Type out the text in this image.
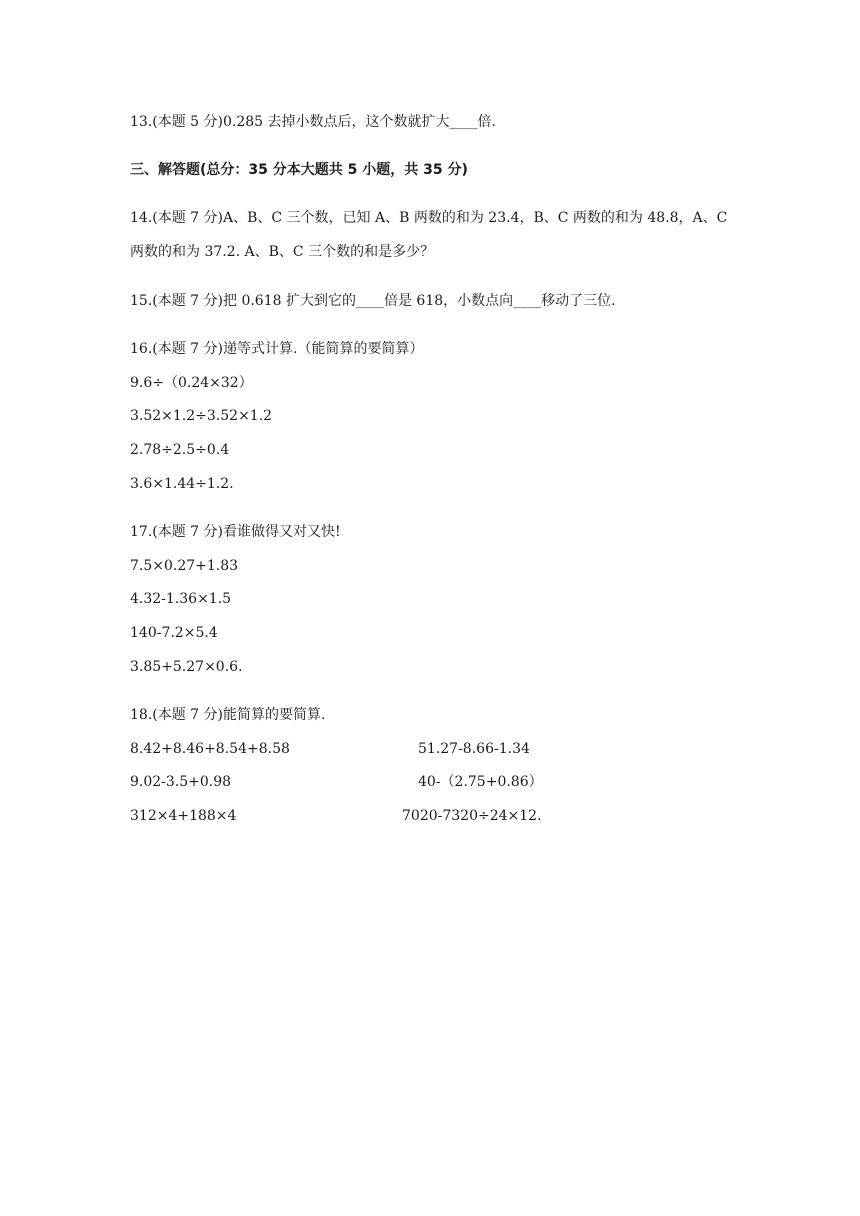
13.(本题 5 分)0.285 去掉小数点后，这个数就扩大____倍.
三、解答题(总分：35 分本大题共 5 小题，共 35 分)
14.(本题 7 分)A、B、C 三个数，已知 A、B 两数的和为 23.4，B、C 两数的和为 48.8，A、C
两数的和为 37.2. A、B、C 三个数的和是多少？
15.(本题 7 分)把 0.618 扩大到它的____倍是 618，小数点向____移动了三位.
16.(本题 7 分)递等式计算.（能简算的要简算）
9.6÷（0.24×32）
3.52×1.2÷3.52×1.2
2.78÷2.5÷0.4
3.6×1.44÷1.2.
17.(本题 7 分)看谁做得又对又快!
7.5×0.27+1.83
4.32-1.36×1.5
140-7.2×5.4
3.85+5.27×0.6.
18.(本题 7 分)能简算的要简算.
8.42+8.46+8.54+8.58	51.27-8.66-1.34
9.02-3.5+0.98	40-（2.75+0.86）
312×4+188×4	7020-7320÷24×12.
